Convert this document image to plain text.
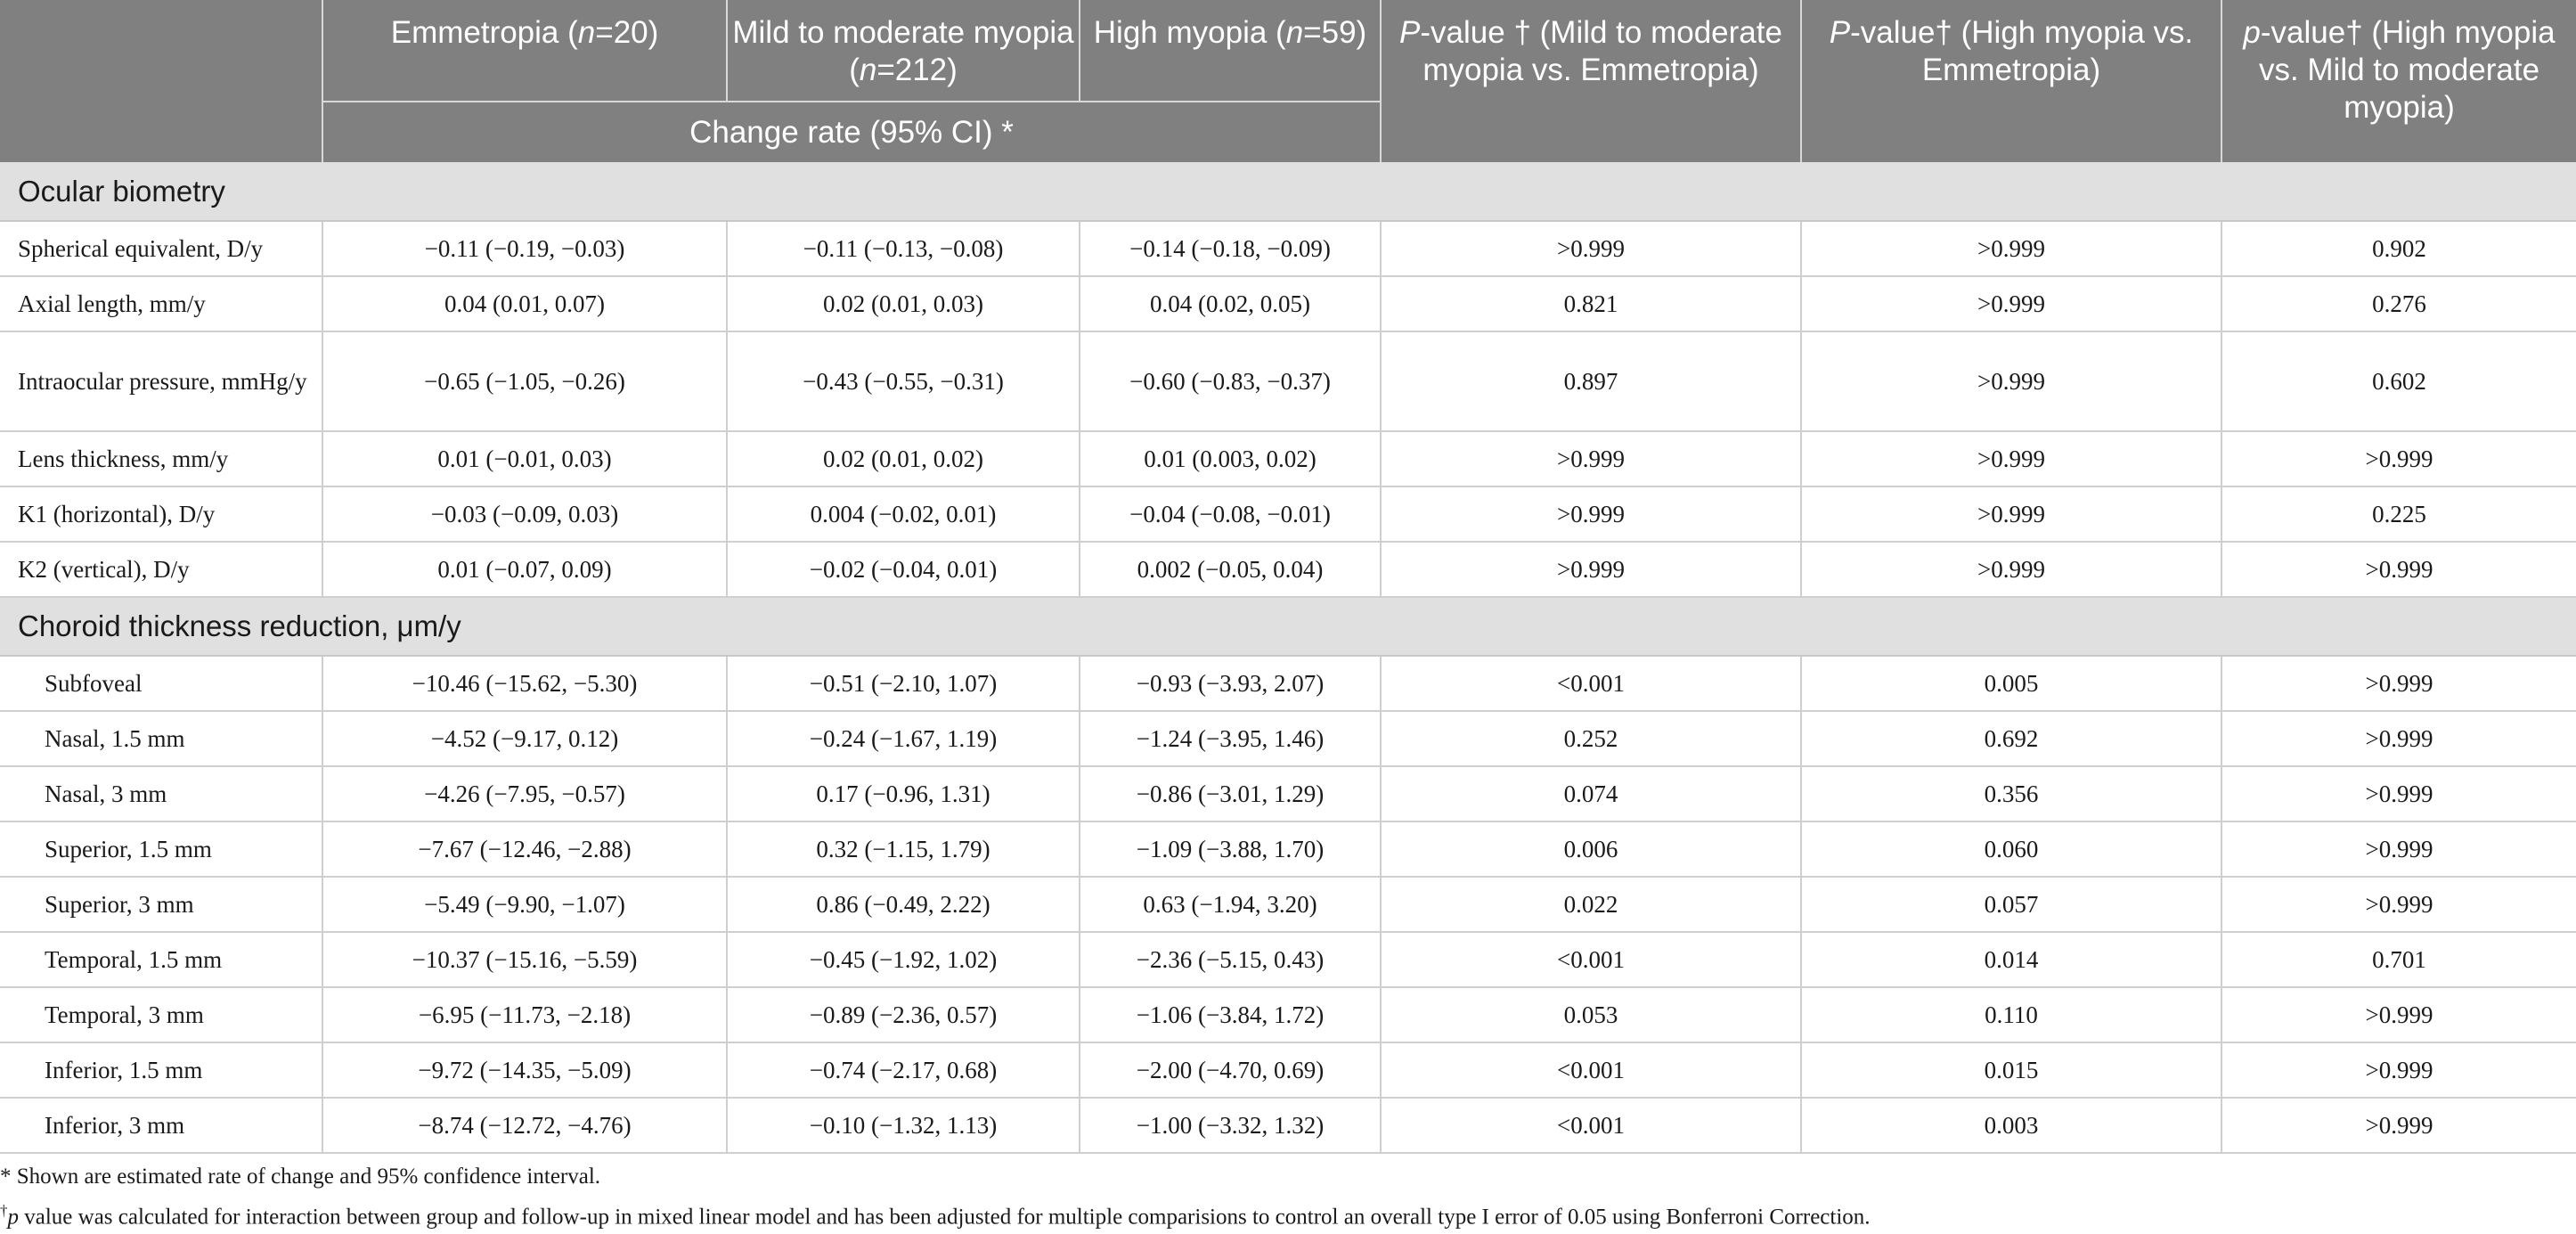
	Emmetropia (n=20)	Mild to moderate myopia (n=212)	High myopia (n=59)	P-value † (Mild to moderate myopia vs. Emmetropia)	P-value† (High myopia vs. Emmetropia)	p-value† (High myopia vs. Mild to moderate myopia)
	Change rate (95% CI) *					
Ocular biometry						
Spherical equivalent, D/y	−0.11 (−0.19, −0.03)	−0.11 (−0.13, −0.08)	−0.14 (−0.18, −0.09)	>0.999	>0.999	0.902
Axial length, mm/y	0.04 (0.01, 0.07)	0.02 (0.01, 0.03)	0.04 (0.02, 0.05)	0.821	>0.999	0.276
Intraocular pressure, mmHg/y	−0.65 (−1.05, −0.26)	−0.43 (−0.55, −0.31)	−0.60 (−0.83, −0.37)	0.897	>0.999	0.602
Lens thickness, mm/y	0.01 (−0.01, 0.03)	0.02 (0.01, 0.02)	0.01 (0.003, 0.02)	>0.999	>0.999	>0.999
K1 (horizontal), D/y	−0.03 (−0.09, 0.03)	0.004 (−0.02, 0.01)	−0.04 (−0.08, −0.01)	>0.999	>0.999	0.225
K2 (vertical), D/y	0.01 (−0.07, 0.09)	−0.02 (−0.04, 0.01)	0.002 (−0.05, 0.04)	>0.999	>0.999	>0.999
Choroid thickness reduction, μm/y						
Subfoveal	−10.46 (−15.62, −5.30)	−0.51 (−2.10, 1.07)	−0.93 (−3.93, 2.07)	<0.001	0.005	>0.999
Nasal, 1.5 mm	−4.52 (−9.17, 0.12)	−0.24 (−1.67, 1.19)	−1.24 (−3.95, 1.46)	0.252	0.692	>0.999
Nasal, 3 mm	−4.26 (−7.95, −0.57)	0.17 (−0.96, 1.31)	−0.86 (−3.01, 1.29)	0.074	0.356	>0.999
Superior, 1.5 mm	−7.67 (−12.46, −2.88)	0.32 (−1.15, 1.79)	−1.09 (−3.88, 1.70)	0.006	0.060	>0.999
Superior, 3 mm	−5.49 (−9.90, −1.07)	0.86 (−0.49, 2.22)	0.63 (−1.94, 3.20)	0.022	0.057	>0.999
Temporal, 1.5 mm	−10.37 (−15.16, −5.59)	−0.45 (−1.92, 1.02)	−2.36 (−5.15, 0.43)	<0.001	0.014	0.701
Temporal, 3 mm	−6.95 (−11.73, −2.18)	−0.89 (−2.36, 0.57)	−1.06 (−3.84, 1.72)	0.053	0.110	>0.999
Inferior, 1.5 mm	−9.72 (−14.35, −5.09)	−0.74 (−2.17, 0.68)	−2.00 (−4.70, 0.69)	<0.001	0.015	>0.999
Inferior, 3 mm	−8.74 (−12.72, −4.76)	−0.10 (−1.32, 1.13)	−1.00 (−3.32, 1.32)	<0.001	0.003	>0.999
* Shown are estimated rate of change and 95% confidence interval.
†p value was calculated for interaction between group and follow-up in mixed linear model and has been adjusted for multiple comparisions to control an overall type I error of 0.05 using Bonferroni Correction.
